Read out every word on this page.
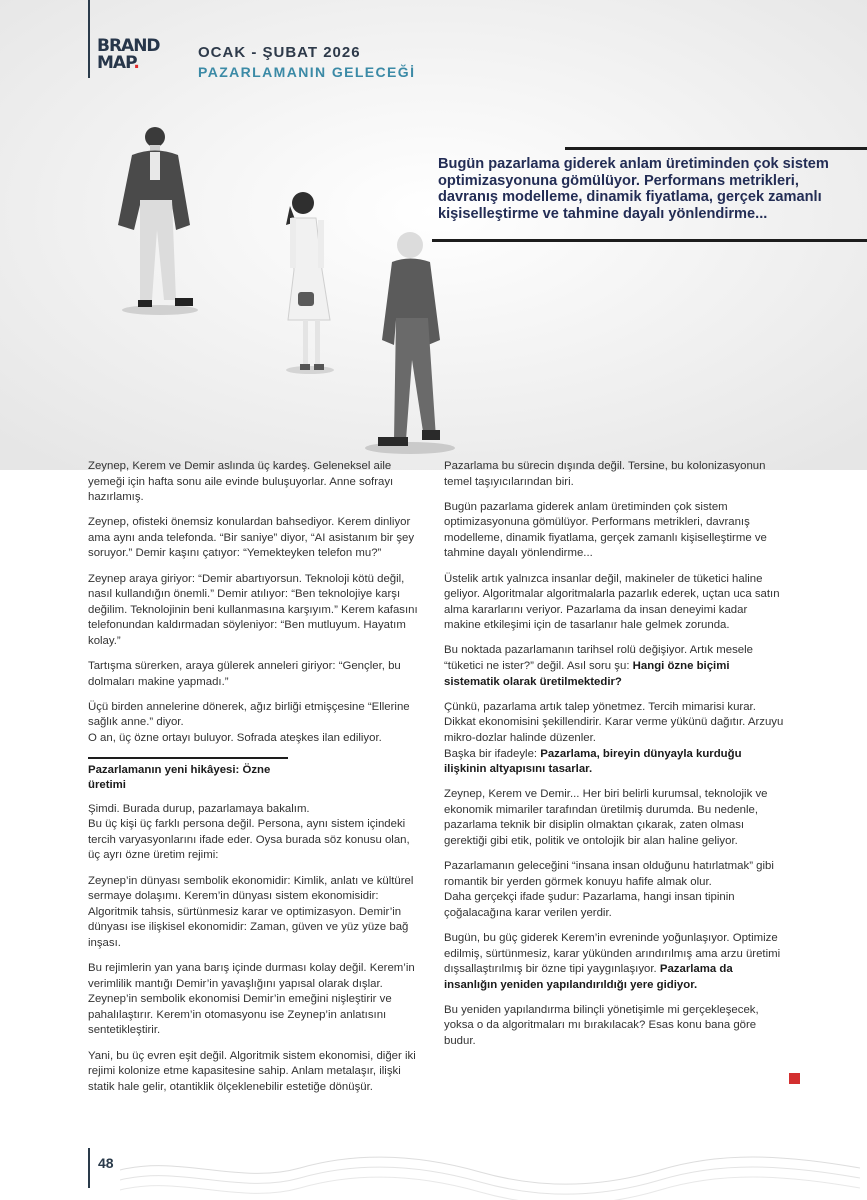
BRAND
MAP.
OCAK - ŞUBAT 2026
PAZARLAMANIN GELECEĞİ
Bugün pazarlama giderek anlam üretiminden çok sistem optimizasyonuna gömülüyor. Performans metrikleri, davranış modelleme, dinamik fiyatlama, gerçek zamanlı kişiselleştirme ve tahmine dayalı yönlendirme...

Zeynep, Kerem ve Demir aslında üç kardeş. Geleneksel aile yemeği için hafta sonu aile evinde buluşuyorlar. Anne sofrayı hazırlamış.

Zeynep, ofisteki önemsiz konulardan bahsediyor. Kerem dinliyor ama aynı anda telefonda. “Bir saniye” diyor, “AI asistanım bir şey soruyor.” Demir kaşını çatıyor: “Yemekteyken telefon mu?”

Zeynep araya giriyor: “Demir abartıyorsun. Teknoloji kötü değil, nasıl kullandığın önemli.” Demir atılıyor: “Ben teknolojiye karşı değilim. Teknolojinin beni kullanmasına karşıyım.” Kerem kafasını telefonundan kaldırmadan söyleniyor: “Ben mutluyum. Hayatım kolay.”

Tartışma sürerken, araya gülerek anneleri giriyor: “Gençler, bu dolmaları makine yapmadı.”

Üçü birden annelerine dönerek, ağız birliği etmişçesine “Ellerine sağlık anne.” diyor.
O an, üç özne ortayı buluyor. Sofrada ateşkes ilan ediliyor.

Pazarlamanın yeni hikâyesi: Özne üretimi

Şimdi. Burada durup, pazarlamaya bakalım.
Bu üç kişi üç farklı persona değil. Persona, aynı sistem içindeki tercih varyasyonlarını ifade eder. Oysa burada söz konusu olan, üç ayrı özne üretim rejimi:

Zeynep’in dünyası sembolik ekonomidir: Kimlik, anlatı ve kültürel sermaye dolaşımı. Kerem’in dünyası sistem ekonomisidir: Algoritmik tahsis, sürtünmesiz karar ve optimizasyon. Demir’in dünyası ise ilişkisel ekonomidir: Zaman, güven ve yüz yüze bağ inşası.

Bu rejimlerin yan yana barış içinde durması kolay değil. Kerem’in verimlilik mantığı Demir’in yavaşlığını yapısal olarak dışlar. Zeynep’in sembolik ekonomisi Demir’in emeğini nişleştirir ve pahalılaştırır. Kerem’in otomasyonu ise Zeynep’in anlatısını sentetikleştirir.

Yani, bu üç evren eşit değil. Algoritmik sistem ekonomisi, diğer iki rejimi kolonize etme kapasitesine sahip. Anlam metalaşır, ilişki statik hale gelir, otantiklik ölçeklenebilir estetiğe dönüşür.

Pazarlama bu sürecin dışında değil. Tersine, bu kolonizasyonun temel taşıyıcılarından biri.

Bugün pazarlama giderek anlam üretiminden çok sistem optimizasyonuna gömülüyor. Performans metrikleri, davranış modelleme, dinamik fiyatlama, gerçek zamanlı kişiselleştirme ve tahmine dayalı yönlendirme...

Üstelik artık yalnızca insanlar değil, makineler de tüketici haline geliyor. Algoritmalar algoritmalarla pazarlık ederek, uçtan uca satın alma kararlarını veriyor. Pazarlama da insan deneyimi kadar makine etkileşimi için de tasarlanır hale gelmek zorunda.

Bu noktada pazarlamanın tarihsel rolü değişiyor. Artık mesele “tüketici ne ister?” değil. Asıl soru şu: Hangi özne biçimi sistematik olarak üretilmektedir?

Çünkü, pazarlama artık talep yönetmez. Tercih mimarisi kurar. Dikkat ekonomisini şekillendirir. Karar verme yükünü dağıtır. Arzuyu mikro-dozlar halinde düzenler.
Başka bir ifadeyle: Pazarlama, bireyin dünyayla kurduğu ilişkinin altyapısını tasarlar.

Zeynep, Kerem ve Demir... Her biri belirli kurumsal, teknolojik ve ekonomik mimariler tarafından üretilmiş durumda. Bu nedenle, pazarlama teknik bir disiplin olmaktan çıkarak, zaten olması gerektiği gibi etik, politik ve ontolojik bir alan haline geliyor.

Pazarlamanın geleceğini “insana insan olduğunu hatırlatmak” gibi romantik bir yerden görmek konuyu hafife almak olur.
Daha gerçekçi ifade şudur: Pazarlama, hangi insan tipinin çoğalacağına karar verilen yerdir.

Bugün, bu güç giderek Kerem’in evreninde yoğunlaşıyor. Optimize edilmiş, sürtünmesiz, karar yükünden arındırılmış ama arzu üretimi dışsallaştırılmış bir özne tipi yaygınlaşıyor. Pazarlama da insanlığın yeniden yapılandırıldığı yere gidiyor.

Bu yeniden yapılandırma bilinçli yönetişimle mi gerçekleşecek, yoksa o da algoritmaları mı bırakılacak? Esas konu bana göre budur.

48
